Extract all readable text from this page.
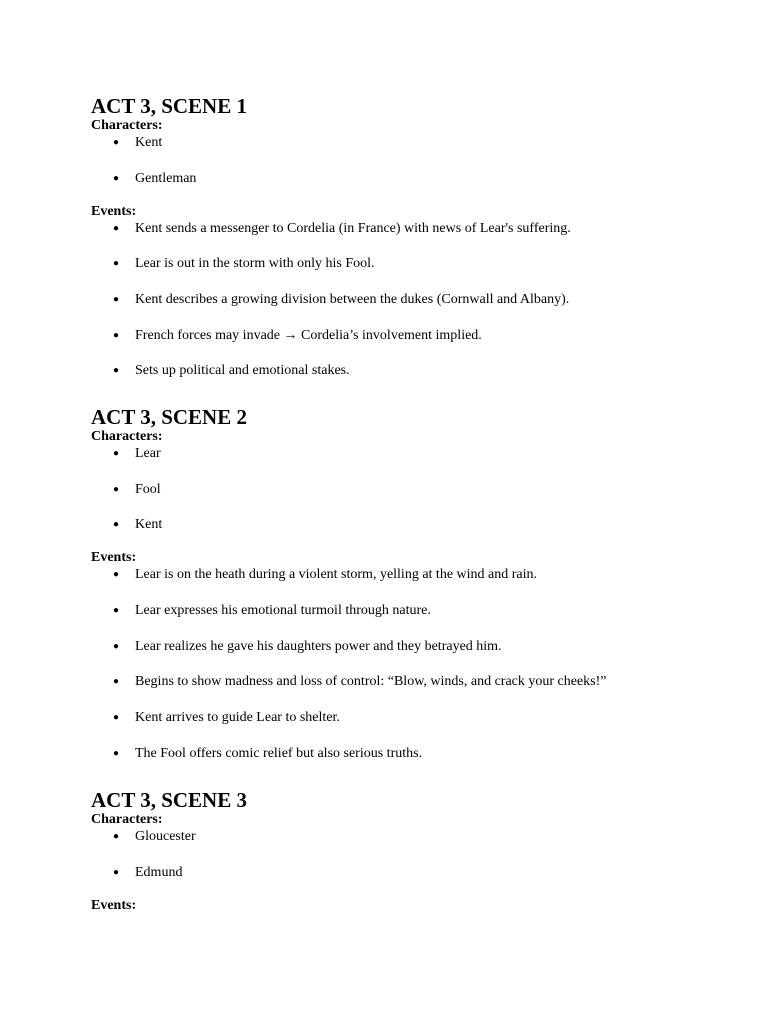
ACT 3, SCENE 1
Characters:
● Kent
● Gentleman
Events:
● Kent sends a messenger to Cordelia (in France) with news of Lear's suffering.
● Lear is out in the storm with only his Fool.
● Kent describes a growing division between the dukes (Cornwall and Albany).
● French forces may invade → Cordelia’s involvement implied.
● Sets up political and emotional stakes.
ACT 3, SCENE 2
Characters:
● Lear
● Fool
● Kent
Events:
● Lear is on the heath during a violent storm, yelling at the wind and rain.
● Lear expresses his emotional turmoil through nature.
● Lear realizes he gave his daughters power and they betrayed him.
● Begins to show madness and loss of control: “Blow, winds, and crack your cheeks!”
● Kent arrives to guide Lear to shelter.
● The Fool offers comic relief but also serious truths.
ACT 3, SCENE 3
Characters:
● Gloucester
● Edmund
Events:
